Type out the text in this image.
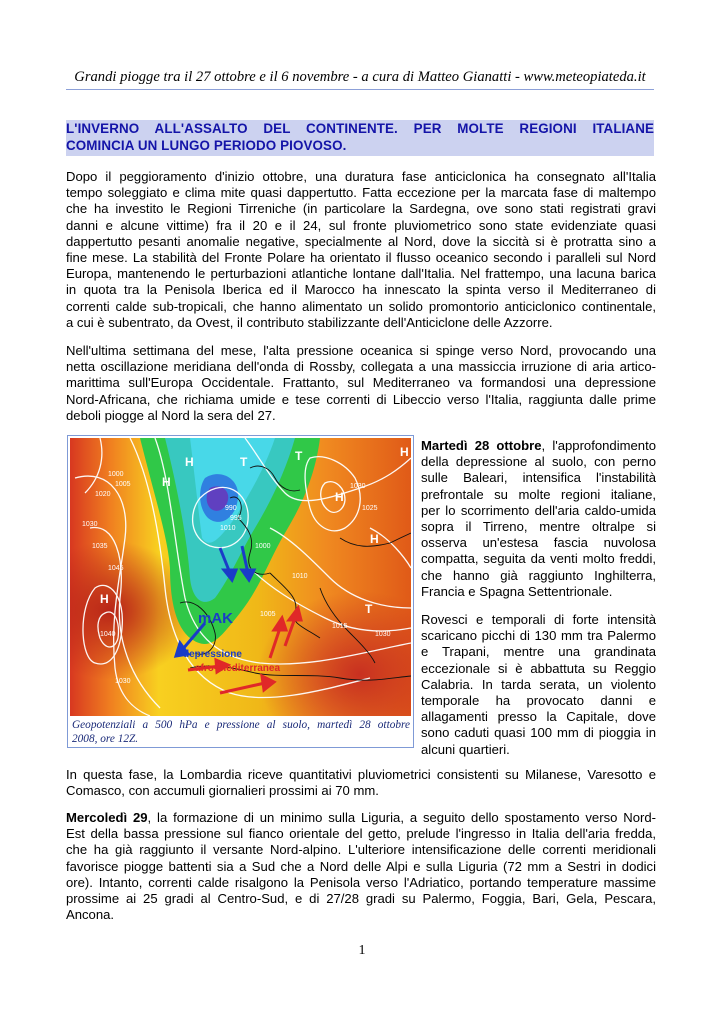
Grandi piogge tra il 27 ottobre e il 6 novembre - a cura di Matteo Gianatti - www.meteopiateda.it
L'INVERNO ALL'ASSALTO DEL CONTINENTE. PER MOLTE REGIONI ITALIANE
COMINCIA UN LUNGO PERIODO PIOVOSO.
Dopo il peggioramento d'inizio ottobre, una duratura fase anticiclonica ha consegnato all'Italia
tempo soleggiato e clima mite quasi dappertutto. Fatta eccezione per la marcata fase di maltempo
che ha investito le Regioni Tirreniche (in particolare la Sardegna, ove sono stati registrati gravi
danni e alcune vittime) fra il 20 e il 24, sul fronte pluviometrico sono state evidenziate quasi
dappertutto pesanti anomalie negative, specialmente al Nord, dove la siccità si è protratta sino a
fine mese. La stabilità del Fronte Polare ha orientato il flusso oceanico secondo i paralleli sul Nord
Europa, mantenendo le perturbazioni atlantiche lontane dall'Italia. Nel frattempo, una lacuna barica
in quota tra la Penisola Iberica ed il Marocco ha innescato la spinta verso il Mediterraneo di
correnti calde sub-tropicali, che hanno alimentato un solido promontorio anticiclonico continentale,
a cui è subentrato, da Ovest, il contributo stabilizzante dell'Anticiclone delle Azzorre.
Nell'ultima settimana del mese, l'alta pressione oceanica si spinge verso Nord, provocando una
netta oscillazione meridiana dell'onda di Rossby, collegata a una massiccia irruzione di aria artico-
marittima sull'Europa Occidentale. Frattanto, sul Mediterraneo va formandosi una depressione
Nord-Africana, che richiama umide e tese correnti di Libeccio verso l'Italia, raggiunta dalle prime
deboli piogge al Nord la sera del 27.
mAK
depressione
afro-mediterranea
H
H
H
H
H
T	T	H
T
1000
1005
1020
1030
1035
1045
1040
1030
990
995
1010
1000
1005
1010
1030
1025
1015
1030
Geopotenziali a 500 hPa e pressione al suolo, martedì 28 ottobre
2008, ore 12Z.
Martedì 28 ottobre, l'approfondimento
della depressione al suolo, con perno
sulle Baleari, intensifica l'instabilità
prefrontale su molte regioni italiane,
per lo scorrimento dell'aria caldo-umida
sopra il Tirreno, mentre oltralpe si
osserva un'estesa fascia nuvolosa
compatta, seguita da venti molto freddi,
che hanno già raggiunto Inghilterra,
Francia e Spagna Settentrionale.
Rovesci e temporali di forte intensità
scaricano picchi di 130 mm tra Palermo
e Trapani, mentre una grandinata
eccezionale si è abbattuta su Reggio
Calabria. In tarda serata, un violento
temporale ha provocato danni e
allagamenti presso la Capitale, dove
sono caduti quasi 100 mm di pioggia in
alcuni quartieri.
In questa fase, la Lombardia riceve quantitativi pluviometrici consistenti su Milanese, Varesotto e
Comasco, con accumuli giornalieri prossimi ai 70 mm.
Mercoledì 29, la formazione di un minimo sulla Liguria, a seguito dello spostamento verso Nord-
Est della bassa pressione sul fianco orientale del getto, prelude l'ingresso in Italia dell'aria fredda,
che ha già raggiunto il versante Nord-alpino. L'ulteriore intensificazione delle correnti meridionali
favorisce piogge battenti sia a Sud che a Nord delle Alpi e sulla Liguria (72 mm a Sestri in dodici
ore). Intanto, correnti calde risalgono la Penisola verso l'Adriatico, portando temperature massime
prossime ai 25 gradi al Centro-Sud, e di 27/28 gradi su Palermo, Foggia, Bari, Gela, Pescara,
Ancona.
1
